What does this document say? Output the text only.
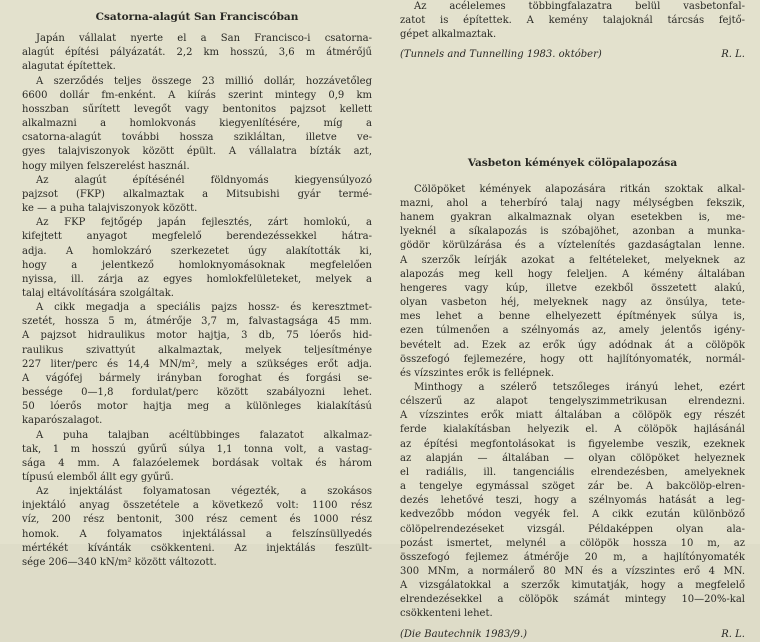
Csatorna-alagút San Franciscóban
Japán vállalat nyerte el a San Francisco-i csatorna-
alagút építési pályázatát. 2,2 km hosszú, 3,6 m átmérőjű
alagutat építettek.
A szerződés teljes összege 23 millió dollár, hozzávetőleg
6600 dollár fm-enként. A kiírás szerint mintegy 0,9 km
hosszban sűrített levegőt vagy bentonitos pajzsot kellett
alkalmazni a homlokvonás kiegyenlítésére, míg a
csatorna-alagút további hossza szikláltan, illetve ve-
gyes talajviszonyok között épült. A vállalatra bízták azt,
hogy milyen felszerelést használ.
Az alagút építésénél földnyomás kiegyensúlyozó
pajzsot (FKP) alkalmaztak a Mitsubishi gyár termé-
ke — a puha talajviszonyok között.
Az FKP fejtőgép japán fejlesztés, zárt homlokú, a
kifejtett anyagot megfelelő berendezéssekkel hátra-
adja. A homlokzáró szerkezetet úgy alakították ki,
hogy a jelentkező homloknyomásoknak megfelelően
nyissa, ill. zárja az egyes homlokfelületeket, melyek a
talaj eltávolítására szolgáltak.
A cikk megadja a speciális pajzs hossz- és keresztmet-
szetét, hossza 5 m, átmérője 3,7 m, falvastagsága 45 mm.
A pajzsot hidraulikus motor hajtja, 3 db, 75 lóerős hid-
raulikus szivattyút alkalmaztak, melyek teljesítménye
227 liter/perc és 14,4 MN/m², mely a szükséges erőt adja.
A vágófej bármely irányban foroghat és forgási se-
bessége 0—1,8 fordulat/perc között szabályozni lehet.
50 lóerős motor hajtja meg a különleges kialakítású
kaparószalagot.
A puha talajban acéltübbinges falazatot alkalmaz-
tak, 1 m hosszú gyűrű súlya 1,1 tonna volt, a vastag-
sága 4 mm. A falazóelemek bordásak voltak és három
típusú elemből állt egy gyűrű.
Az injektálást folyamatosan végezték, a szokásos
injektáló anyag összetétele a következő volt: 1100 rész
víz, 200 rész bentonit, 300 rész cement és 1000 rész
homok. A folyamatos injektálással a felszínsüllyedés
mértékét kívánták csökkenteni. Az injektálás feszült-
sége 206—340 kN/m² között változott.
Az acélelemes többingfalazatra belül vasbetonfal-
zatot is építettek. A kemény talajoknál tárcsás fejtő-
gépet alkalmaztak.
(Tunnels and Tunnelling 1983. október)	R. L.
Vasbeton kémények cölöpalapozása
Cölöpöket kémények alapozására ritkán szoktak alkal-
mazni, ahol a teherbíró talaj nagy mélységben fekszik,
hanem gyakran alkalmaznak olyan esetekben is, me-
lyeknél a síkalapozás is szóbajöhet, azonban a munka-
gödör körülzárása és a víztelenítés gazdaságtalan lenne.
A szerzők leírják azokat a feltételeket, melyeknek az
alapozás meg kell hogy feleljen. A kémény általában
hengeres vagy kúp, illetve ezekből összetett alakú,
olyan vasbeton héj, melyeknek nagy az önsúlya, tete-
mes lehet a benne elhelyezett építmények súlya is,
ezen túlmenően a szélnyomás az, amely jelentős igény-
bevételt ad. Ezek az erők úgy adódnak át a cölöpök
összefogó fejlemezére, hogy ott hajlítónyomaték, normál-
és vízszintes erők is fellépnek.
Minthogy a szélerő tetszőleges irányú lehet, ezért
célszerű az alapot tengelyszimmetrikusan elrendezni.
A vízszintes erők miatt általában a cölöpök egy részét
ferde kialakításban helyezik el. A cölöpök hajlásánál
az építési megfontolásokat is figyelembe veszik, ezeknek
az alapján — általában — olyan cölöpöket helyeznek
el radiális, ill. tangenciális elrendezésben, amelyeknek
a tengelye egymással szöget zár be. A bakcölöp-elren-
dezés lehetővé teszi, hogy a szélnyomás hatását a leg-
kedvezőbb módon vegyék fel. A cikk ezután különböző
cölöpelrendezéseket vizsgál. Példaképpen olyan ala-
pozást ismertet, melynél a cölöpök hossza 10 m, az
összefogó fejlemez átmérője 20 m, a hajlítónyomaték
300 MNm, a normálerő 80 MN és a vízszintes erő 4 MN.
A vizsgálatokkal a szerzők kimutatják, hogy a megfelelő
elrendezésekkel a cölöpök számát mintegy 10—20%-kal
csökkenteni lehet.
(Die Bautechnik 1983/9.)	R. L.
